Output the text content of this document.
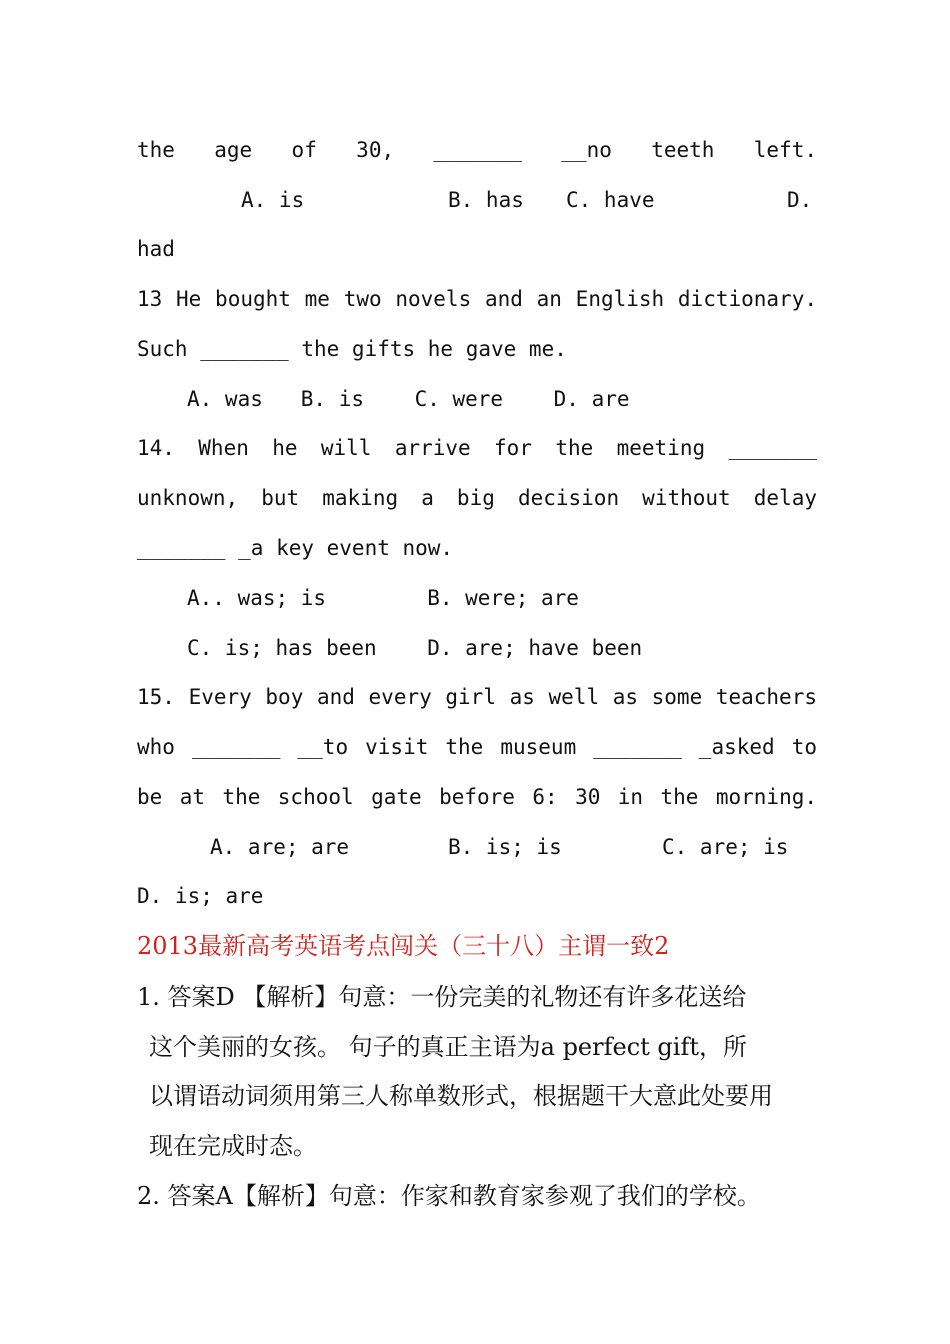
the age of 30, _______ __no teeth left.
A. is	B. has C. have	D.
had
13 He bought me two novels and an English dictionary.
Such _______ the gifts he gave me.
A. was   B. is    C. were    D. are
14. When he will arrive for the meeting _______
unknown, but making a big decision without delay
_______ _a key event now.
A.. was; is        B. were; are
C. is; has been    D. are; have been
15. Every boy and every girl as well as some teachers
who _______ __to visit the museum _______ _asked to
be at the school gate before 6: 30 in the morning.
A. are; are	B. is; is	C. are; is
D. is; are
2013最新高考英语考点闯关（三十八）主谓一致2
1. 答案D 【解析】句意：一份完美的礼物还有许多花送给
这个美丽的女孩。 句子的真正主语为a perfect gift，所
以谓语动词须用第三人称单数形式，根据题干大意此处要用
现在完成时态。
2. 答案A【解析】句意：作家和教育家参观了我们的学校。
